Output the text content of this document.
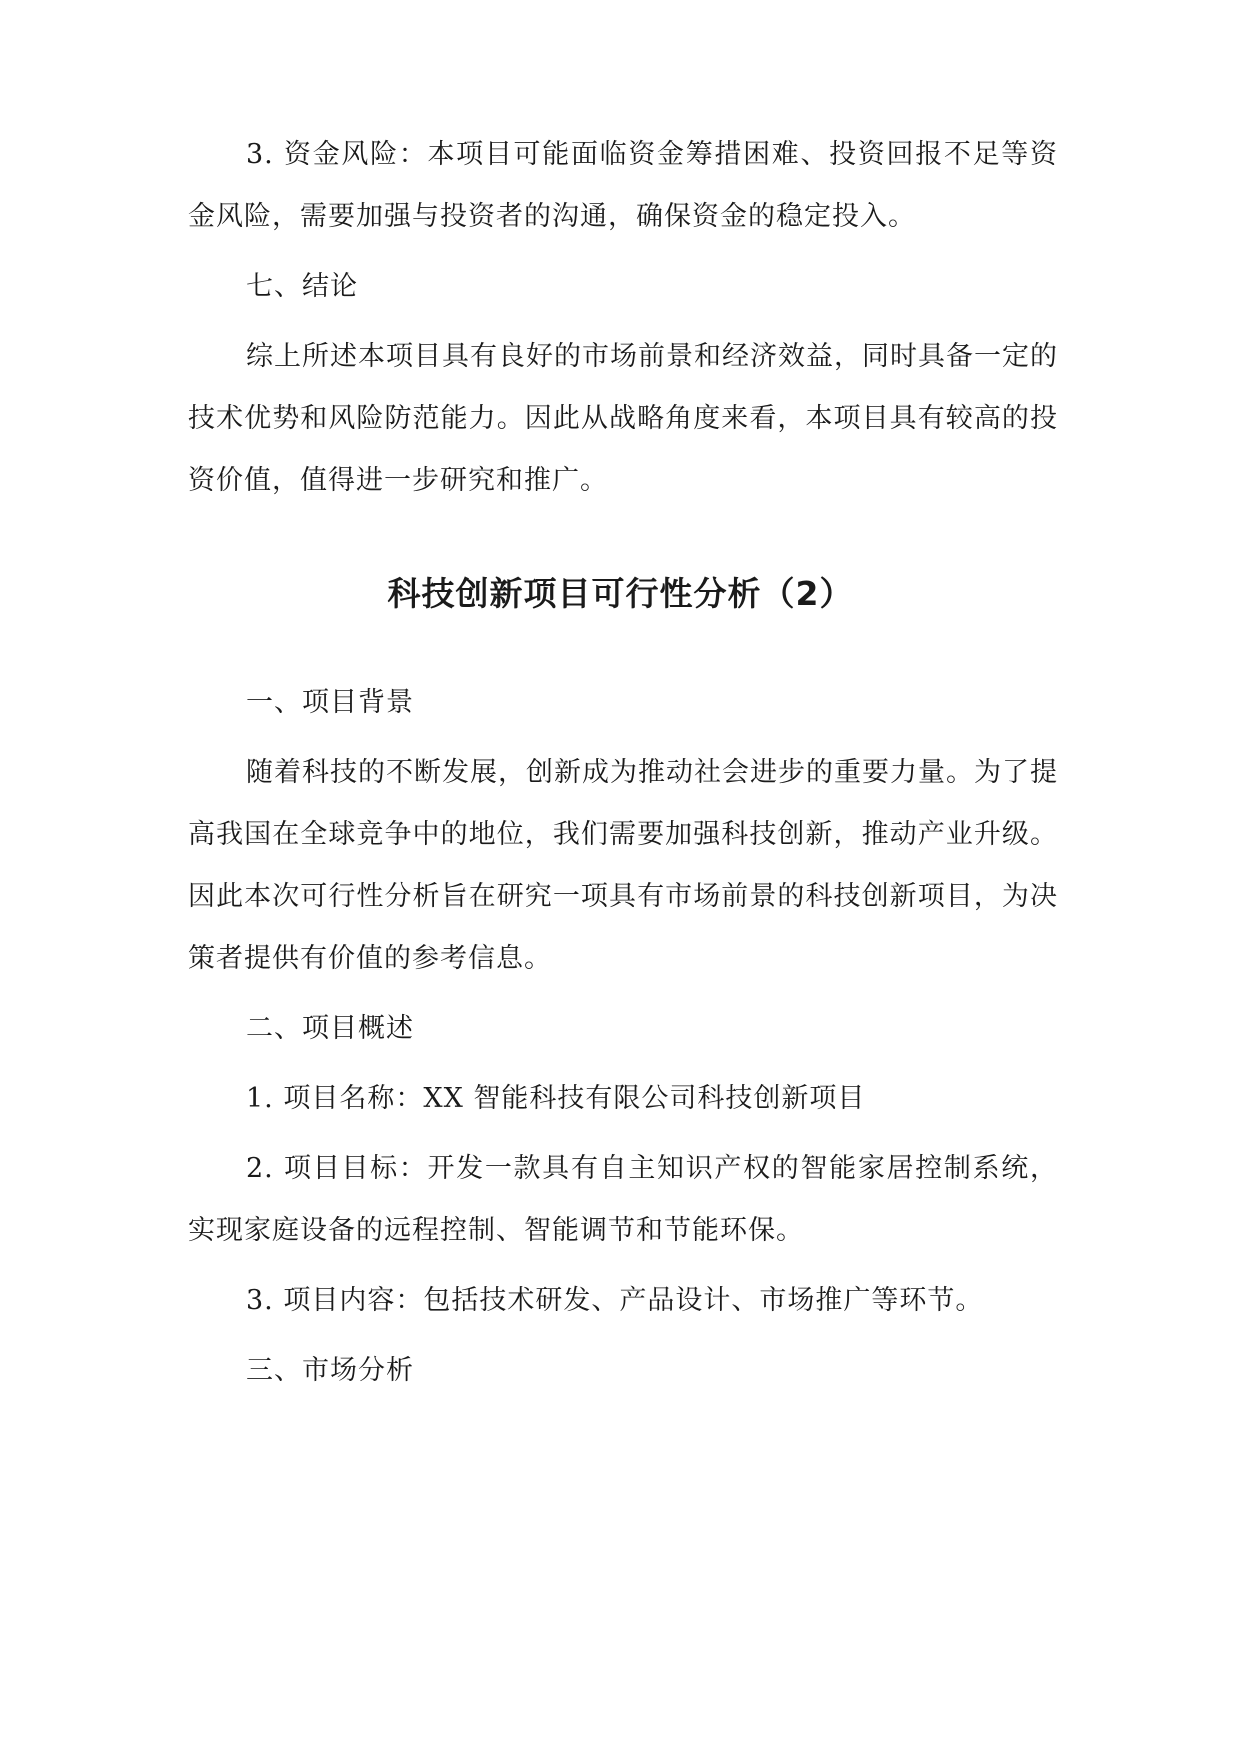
3. 资金风险：本项目可能面临资金筹措困难、投资回报不足等资金风险，需要加强与投资者的沟通，确保资金的稳定投入。

七、结论

综上所述本项目具有良好的市场前景和经济效益，同时具备一定的技术优势和风险防范能力。因此从战略角度来看，本项目具有较高的投资价值，值得进一步研究和推广。

科技创新项目可行性分析（2）

一、项目背景

随着科技的不断发展，创新成为推动社会进步的重要力量。为了提高我国在全球竞争中的地位，我们需要加强科技创新，推动产业升级。因此本次可行性分析旨在研究一项具有市场前景的科技创新项目，为决策者提供有价值的参考信息。

二、项目概述

1. 项目名称：XX 智能科技有限公司科技创新项目

2. 项目目标：开发一款具有自主知识产权的智能家居控制系统，实现家庭设备的远程控制、智能调节和节能环保。

3. 项目内容：包括技术研发、产品设计、市场推广等环节。

三、市场分析
